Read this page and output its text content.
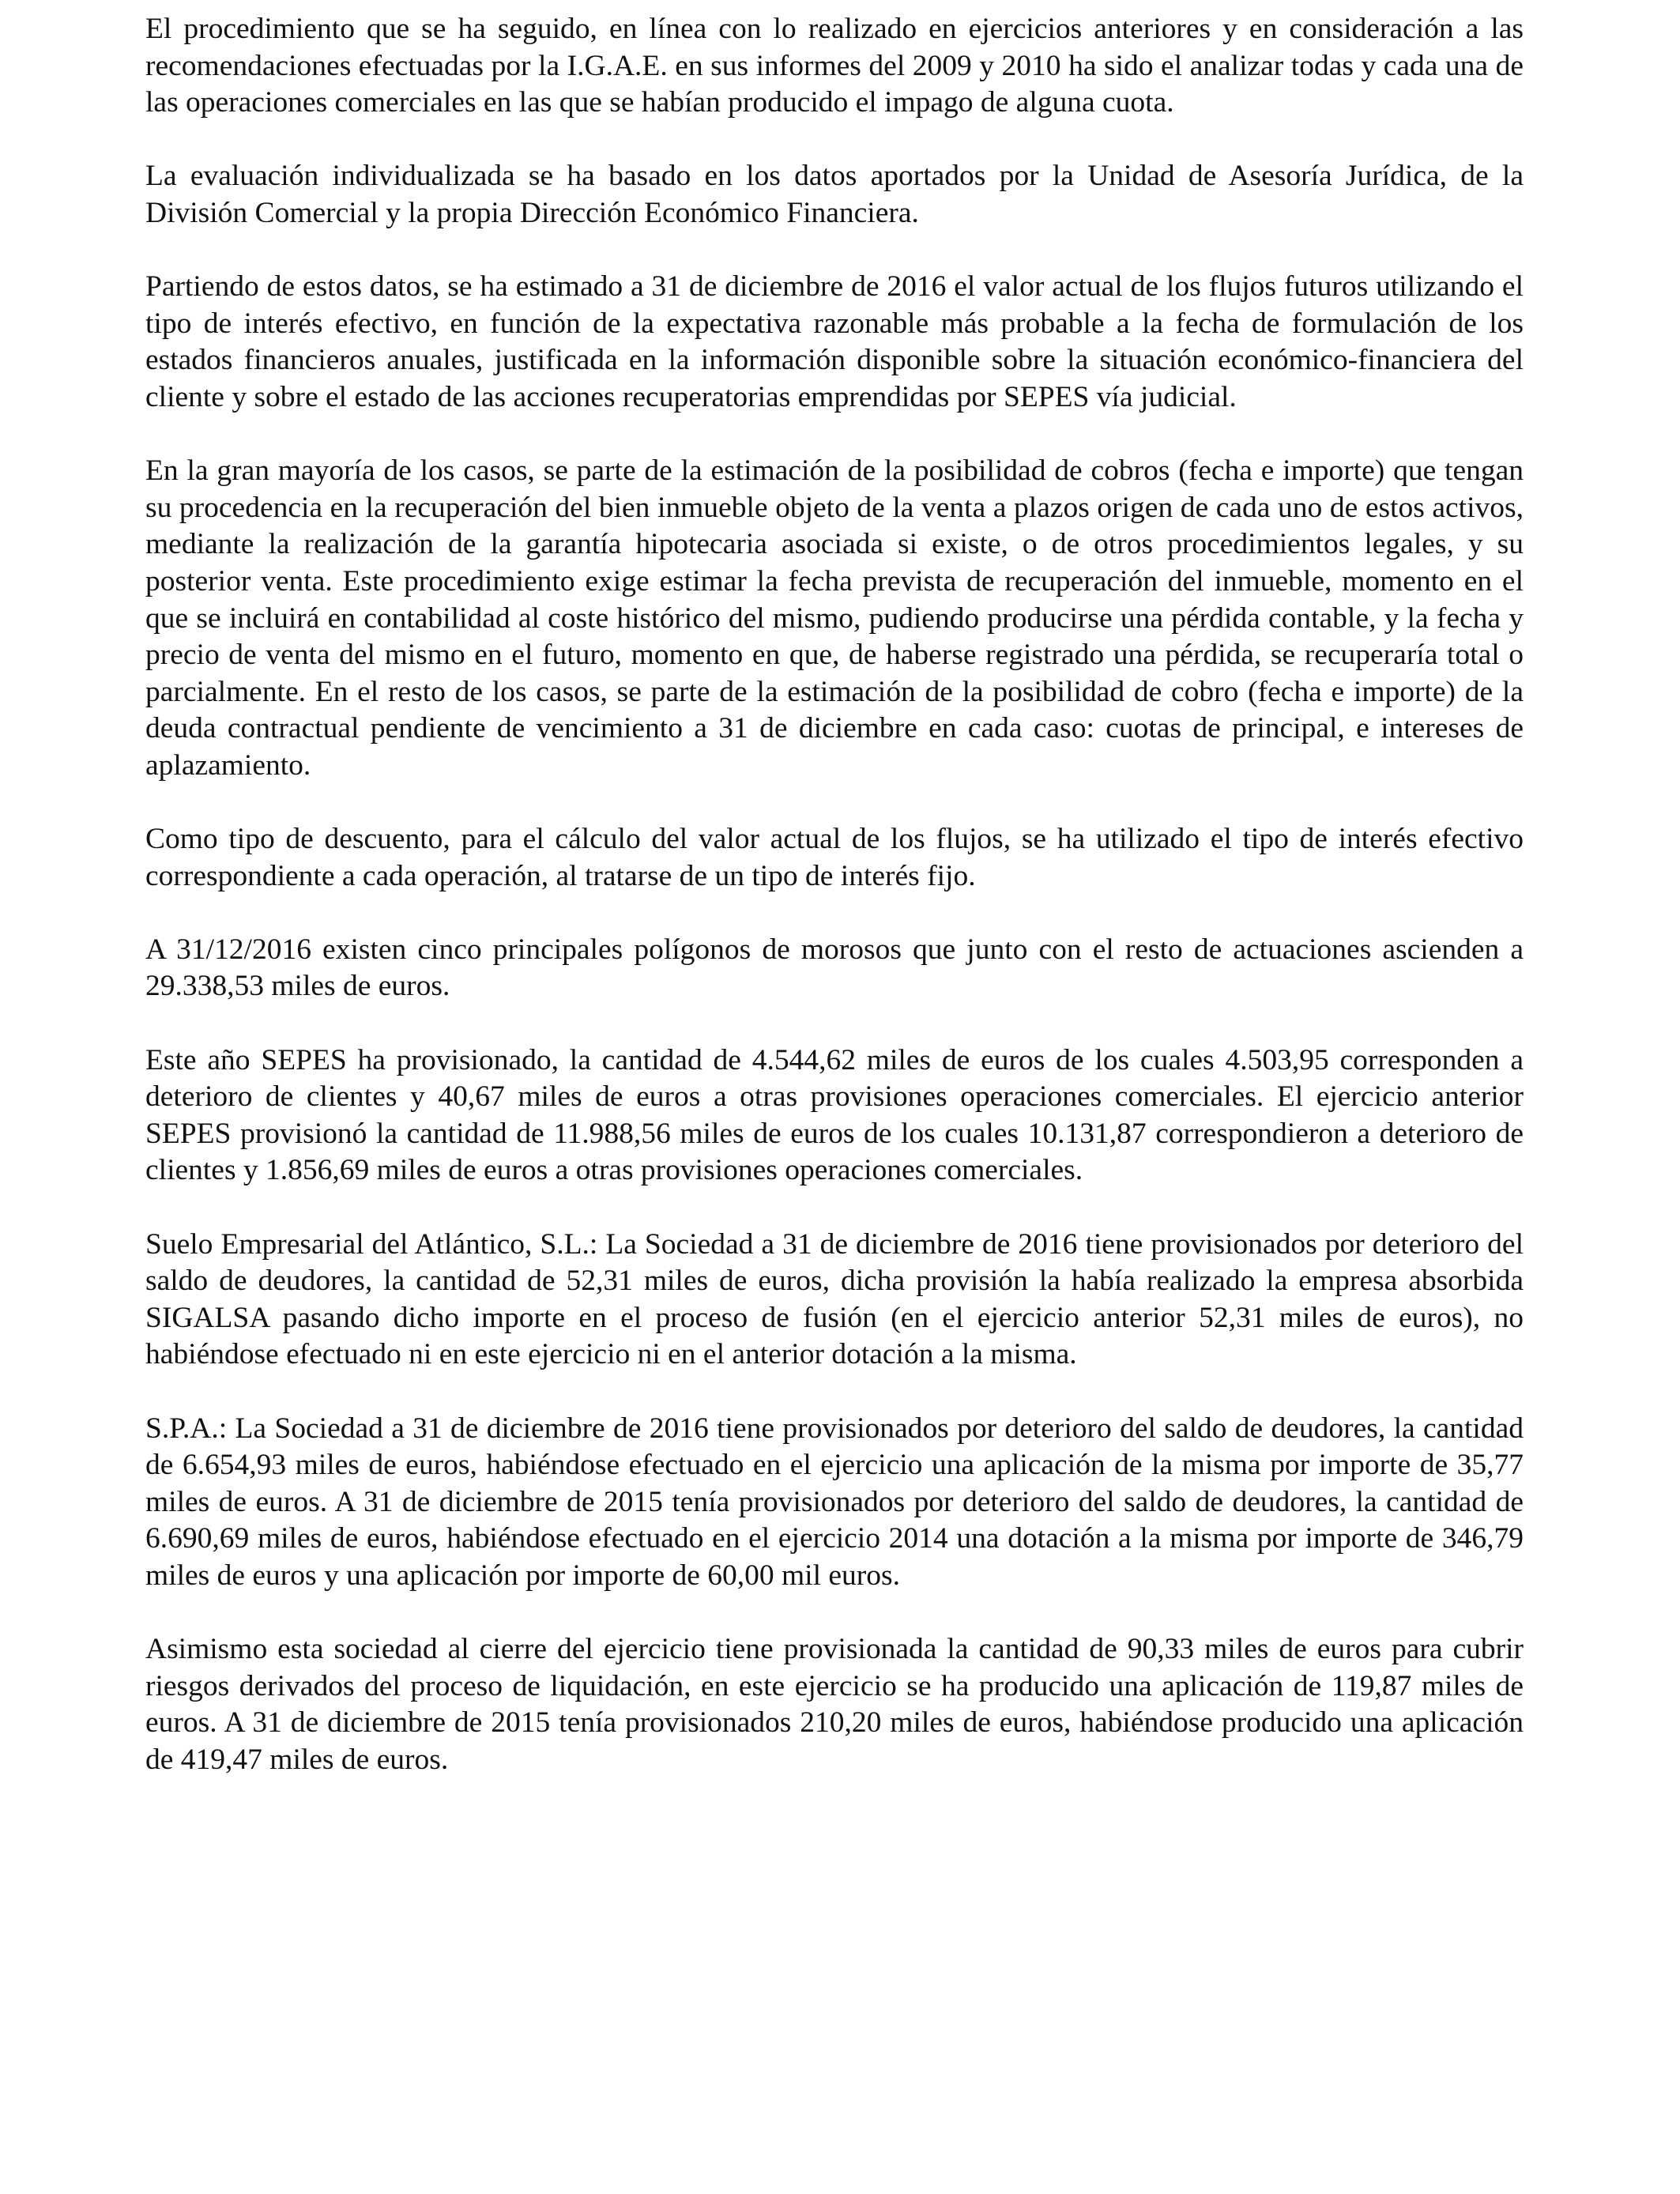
El procedimiento que se ha seguido, en línea con lo realizado en ejercicios anteriores y en consideración a las recomendaciones efectuadas por la I.G.A.E. en sus informes del 2009 y 2010 ha sido el analizar todas y cada una de las operaciones comerciales en las que se habían producido el impago de alguna cuota.

La evaluación individualizada se ha basado en los datos aportados por la Unidad de Asesoría Jurídica, de la División Comercial y la propia Dirección Económico Financiera.

Partiendo de estos datos, se ha estimado a 31 de diciembre de 2016 el valor actual de los flujos futuros utilizando el tipo de interés efectivo, en función de la expectativa razonable más probable a la fecha de formulación de los estados financieros anuales, justificada en la información disponible sobre la situación económico-financiera del cliente y sobre el estado de las acciones recuperatorias emprendidas por SEPES vía judicial.

En la gran mayoría de los casos, se parte de la estimación de la posibilidad de cobros (fecha e importe) que tengan su procedencia en la recuperación del bien inmueble objeto de la venta a plazos origen de cada uno de estos activos, mediante la realización de la garantía hipotecaria asociada si existe, o de otros procedimientos legales, y su posterior venta. Este procedimiento exige estimar la fecha prevista de recuperación del inmueble, momento en el que se incluirá en contabilidad al coste histórico del mismo, pudiendo producirse una pérdida contable, y la fecha y precio de venta del mismo en el futuro, momento en que, de haberse registrado una pérdida, se recuperaría total o parcialmente. En el resto de los casos, se parte de la estimación de la posibilidad de cobro (fecha e importe) de la deuda contractual pendiente de vencimiento a 31 de diciembre en cada caso: cuotas de principal, e intereses de aplazamiento.

Como tipo de descuento, para el cálculo del valor actual de los flujos, se ha utilizado el tipo de interés efectivo correspondiente a cada operación, al tratarse de un tipo de interés fijo.

A 31/12/2016 existen cinco principales polígonos de morosos que junto con el resto de actuaciones ascienden a 29.338,53 miles de euros.

Este año SEPES ha provisionado, la cantidad de 4.544,62 miles de euros de los cuales 4.503,95 corresponden a deterioro de clientes y 40,67 miles de euros a otras provisiones operaciones comerciales. El ejercicio anterior SEPES provisionó la cantidad de 11.988,56 miles de euros de los cuales 10.131,87 correspondieron a deterioro de clientes y 1.856,69 miles de euros a otras provisiones operaciones comerciales.

Suelo Empresarial del Atlántico, S.L.: La Sociedad a 31 de diciembre de 2016 tiene provisionados por deterioro del saldo de deudores, la cantidad de 52,31 miles de euros, dicha provisión la había realizado la empresa absorbida SIGALSA pasando dicho importe en el proceso de fusión (en el ejercicio anterior 52,31 miles de euros), no habiéndose efectuado ni en este ejercicio ni en el anterior dotación a la misma.

S.P.A.: La Sociedad a 31 de diciembre de 2016 tiene provisionados por deterioro del saldo de deudores, la cantidad de 6.654,93 miles de euros, habiéndose efectuado en el ejercicio una aplicación de la misma por importe de 35,77 miles de euros. A 31 de diciembre de 2015 tenía provisionados por deterioro del saldo de deudores, la cantidad de 6.690,69 miles de euros, habiéndose efectuado en el ejercicio 2014 una dotación a la misma por importe de 346,79 miles de euros y una aplicación por importe de 60,00 mil euros.

Asimismo esta sociedad al cierre del ejercicio tiene provisionada la cantidad de 90,33 miles de euros para cubrir riesgos derivados del proceso de liquidación, en este ejercicio se ha producido una aplicación de 119,87 miles de euros. A 31 de diciembre de 2015 tenía provisionados 210,20 miles de euros, habiéndose producido una aplicación de 419,47 miles de euros.
